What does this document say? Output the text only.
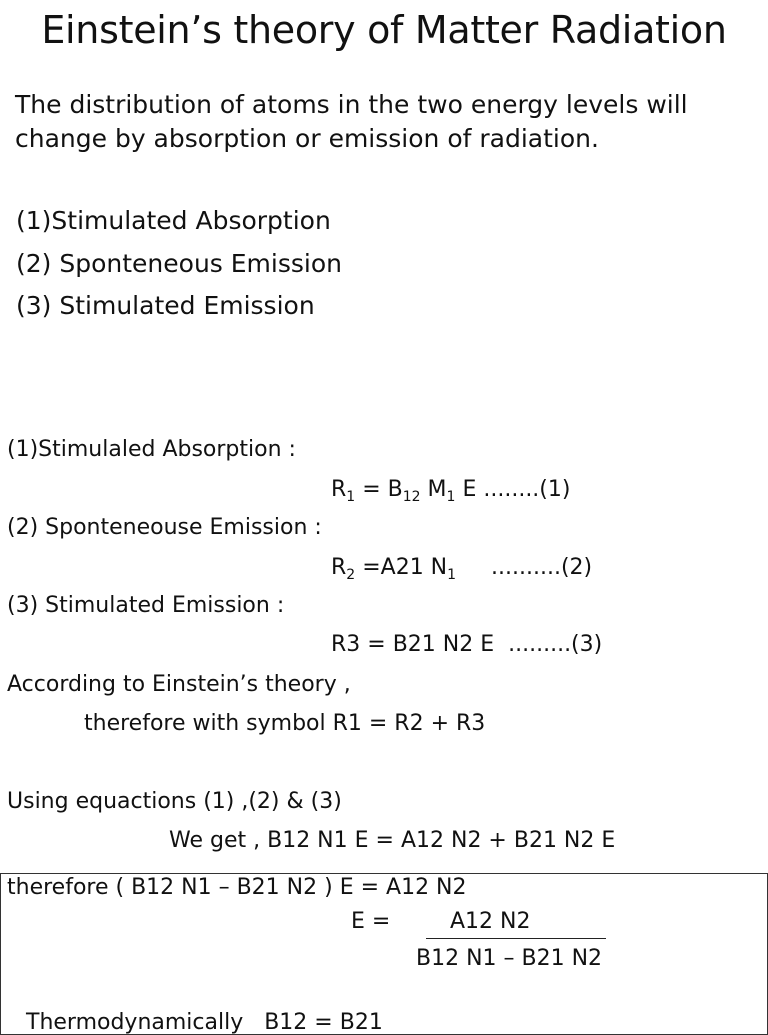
Einstein’s theory of Matter Radiation
The distribution of atoms in the two energy levels will change by absorption or emission of radiation.
(1)Stimulated Absorption
(2) Sponteneous Emission
(3) Stimulated Emission
(1)Stimulaled Absorption :
$R_1 = B_{12}$ $M_1$ E ........(1)
(2) Sponteneouse Emission :
$R_2 =A21$ $N_1$     ..........(2)
(3) Stimulated Emission :
R3 = B21 N2 E  .........(3)
According to Einstein’s theory ,
therefore with symbol R1 = R2 + R3
Using equactions (1) ,(2) & (3)
We get , B12 N1 E = A12 N2 + B21 N2 E
therefore ( B12 N1 – B21 N2 ) E = A12 N2
E =	A12 N2
B12 N1 – B21 N2
Thermodynamically   B12 = B21
